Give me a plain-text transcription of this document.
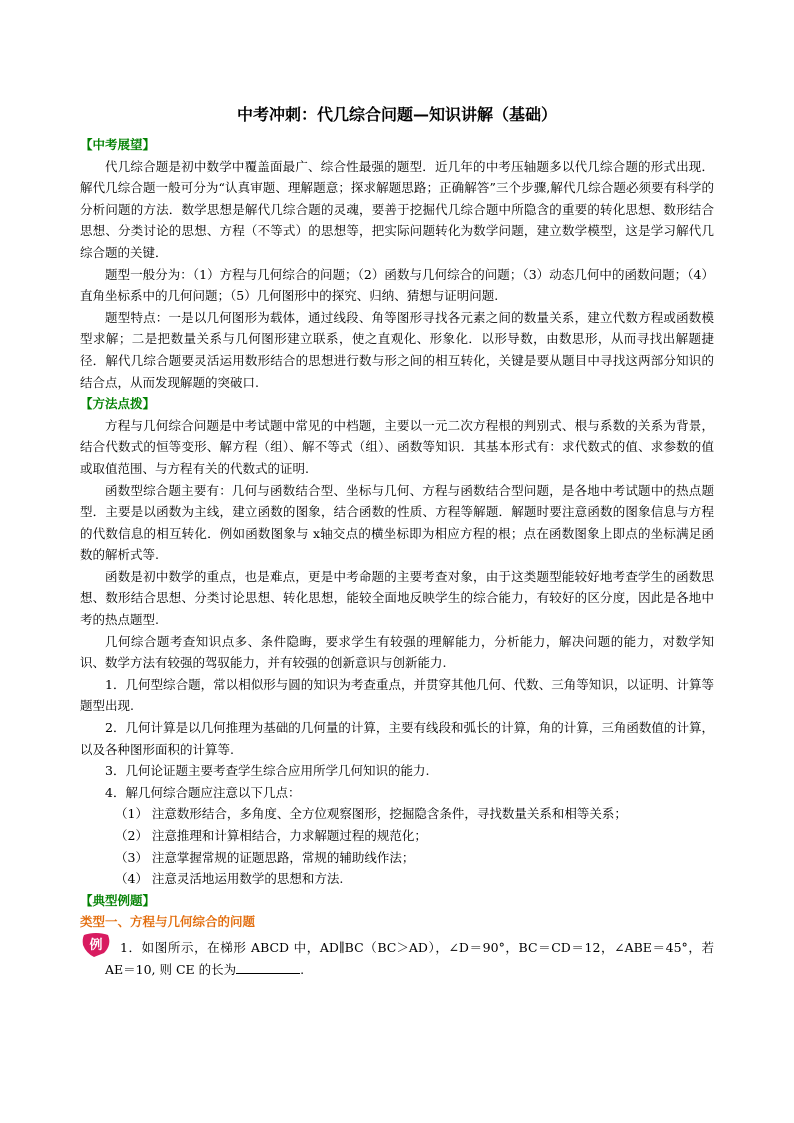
中考冲刺：代几综合问题—知识讲解（基础）
【中考展望】

代几综合题是初中数学中覆盖面最广、综合性最强的题型．近几年的中考压轴题多以代几综合题的形式出现．解代几综合题一般可分为“认真审题、理解题意；探求解题思路；正确解答”三个步骤,解代几综合题必须要有科学的分析问题的方法．数学思想是解代几综合题的灵魂，要善于挖掘代几综合题中所隐含的重要的转化思想、数形结合思想、分类讨论的思想、方程（不等式）的思想等，把实际问题转化为数学问题，建立数学模型，这是学习解代几综合题的关键．

题型一般分为：（1）方程与几何综合的问题；（2）函数与几何综合的问题；（3）动态几何中的函数问题；（4）直角坐标系中的几何问题；（5）几何图形中的探究、归纳、猜想与证明问题.

题型特点：一是以几何图形为载体，通过线段、角等图形寻找各元素之间的数量关系，建立代数方程或函数模型求解；二是把数量关系与几何图形建立联系，使之直观化、形象化．以形导数，由数思形，从而寻找出解题捷径．解代几综合题要灵活运用数形结合的思想进行数与形之间的相互转化，关键是要从题目中寻找这两部分知识的结合点，从而发现解题的突破口.

【方法点拨】

方程与几何综合问题是中考试题中常见的中档题，主要以一元二次方程根的判别式、根与系数的关系为背景，结合代数式的恒等变形、解方程（组）、解不等式（组）、函数等知识．其基本形式有：求代数式的值、求参数的值或取值范围、与方程有关的代数式的证明.

函数型综合题主要有：几何与函数结合型、坐标与几何、方程与函数结合型问题，是各地中考试题中的热点题型．主要是以函数为主线，建立函数的图象，结合函数的性质、方程等解题．解题时要注意函数的图象信息与方程的代数信息的相互转化．例如函数图象与 x轴交点的横坐标即为相应方程的根；点在函数图象上即点的坐标满足函数的解析式等.

函数是初中数学的重点，也是难点，更是中考命题的主要考查对象，由于这类题型能较好地考查学生的函数思想、数形结合思想、分类讨论思想、转化思想，能较全面地反映学生的综合能力，有较好的区分度，因此是各地中考的热点题型.

几何综合题考查知识点多、条件隐晦，要求学生有较强的理解能力，分析能力，解决问题的能力，对数学知识、数学方法有较强的驾驭能力，并有较强的创新意识与创新能力.

1．几何型综合题，常以相似形与圆的知识为考查重点，并贯穿其他几何、代数、三角等知识，以证明、计算等题型出现.

2．几何计算是以几何推理为基础的几何量的计算，主要有线段和弧长的计算，角的计算，三角函数值的计算，以及各种图形面积的计算等.

3．几何论证题主要考查学生综合应用所学几何知识的能力.

4．解几何综合题应注意以下几点：

（1） 注意数形结合，多角度、全方位观察图形，挖掘隐含条件，寻找数量关系和相等关系；

（2） 注意推理和计算相结合，力求解题过程的规范化；

（3） 注意掌握常规的证题思路，常规的辅助线作法；

（4） 注意灵活地运用数学的思想和方法.

【典型例题】
类型一、方程与几何综合的问题
例	1．如图所示，在梯形 ABCD 中，AD∥BC（BC＞AD），∠D＝90°，BC＝CD＝12，∠ABE＝45°，若 AE＝10, 则 CE 的长为	.
